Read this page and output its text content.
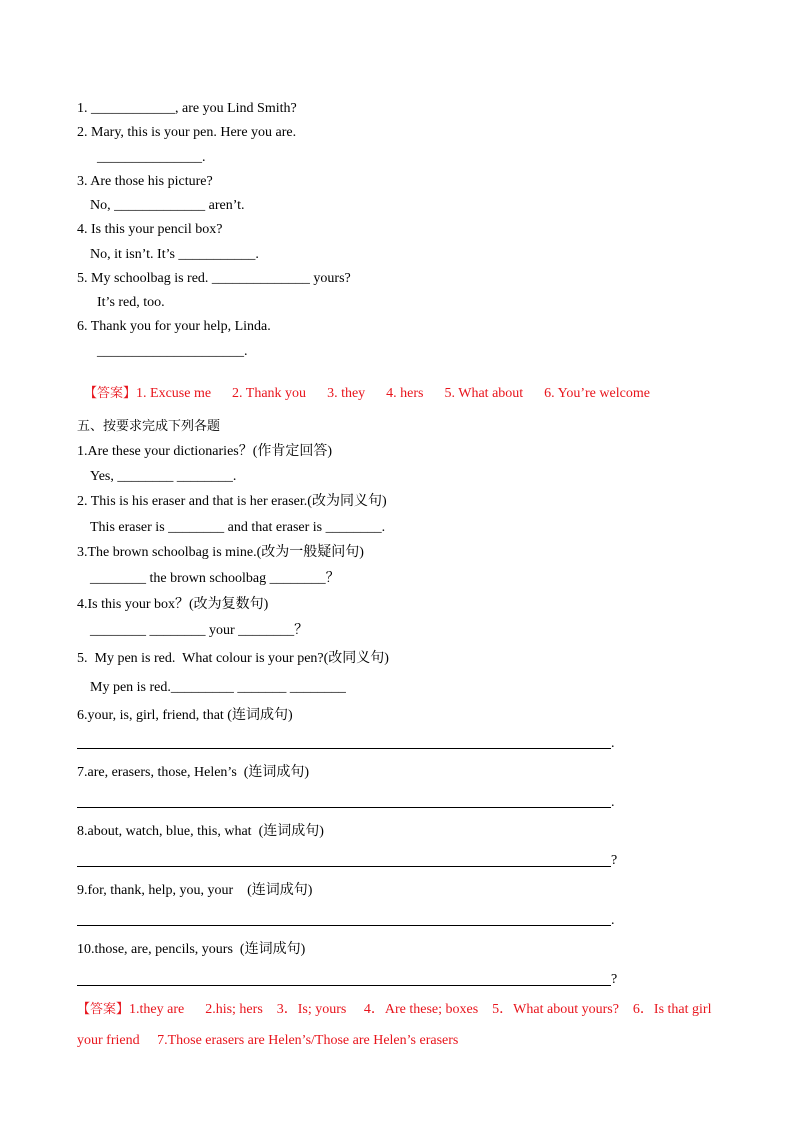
1. ____________, are you Lind Smith?
2. Mary, this is your pen. Here you are.
_______________.
3. Are those his picture?
No, _____________ aren’t.
4. Is this your pencil box?
No, it isn’t. It’s ___________.
5. My schoolbag is red. ______________ yours?
It’s red, too.
6. Thank you for your help, Linda.
_____________________.

【答案】1. Excuse me 2. Thank you 3. they 4. hers 5. What about 6. You’re welcome

五、按要求完成下列各题
1.Are these your dictionaries？(作肯定回答)
Yes, ________ ________.
2. This is his eraser and that is her eraser.(改为同义句)
This eraser is ________ and that eraser is ________.
3.The brown schoolbag is mine.(改为一般疑问句)
________ the brown schoolbag ________？
4.Is this your box？(改为复数句)
________ ________ your ________？
5.  My pen is red.  What colour is your pen?(改同义句)
My pen is red._________ _______ ________
6.your, is, girl, friend, that (连词成句)
.
7.are, erasers, those, Helen’s  (连词成句)
.
8.about, watch, blue, this, what  (连词成句)
?
9.for, thank, help, you, your    (连词成句)
.
10.those, are, pencils, yours  (连词成句)
?
【答案】1.they are      2.his; hers    3．Is; yours     4．Are these; boxes    5．What about yours?    6．Is that girl
your friend     7.Those erasers are Helen’s/Those are Helen’s erasers
